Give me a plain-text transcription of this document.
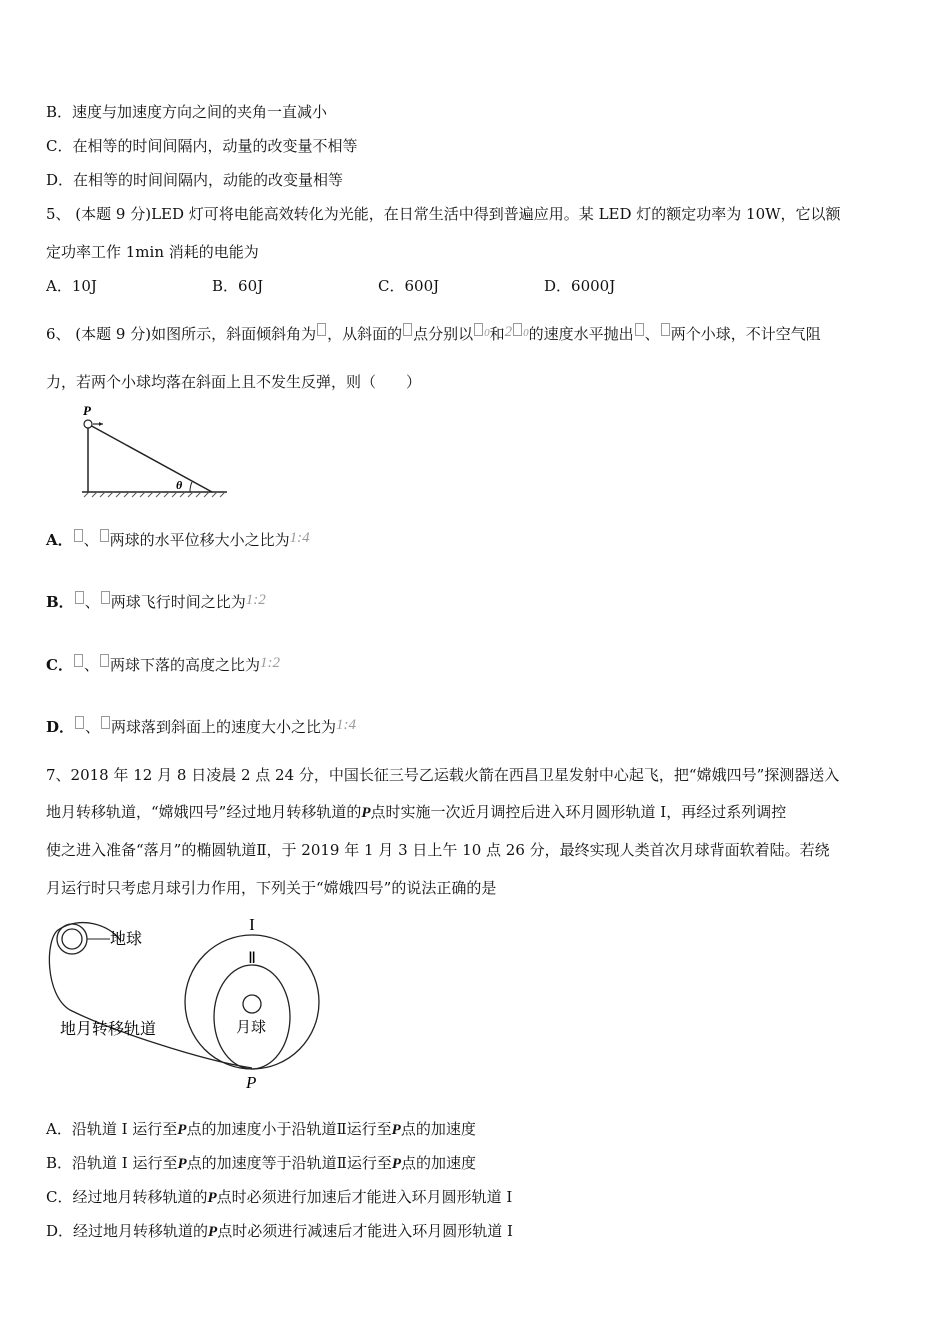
B．速度与加速度方向之间的夹角一直减小
C．在相等的时间间隔内，动量的改变量不相等
D．在相等的时间间隔内，动能的改变量相等
5、 (本题 9 分)LED 灯可将电能高效转化为光能，在日常生活中得到普遍应用。某 LED 灯的额定功率为 10W，它以额
定功率工作 1min 消耗的电能为
A．10J	B．60J	C．600J	D．6000J
6、 (本题 9 分)如图所示，斜面倾斜角为 ，从斜面的 点分别以 $^0$和2 $^0$的速度水平抛出 、 两个小球，不计空气阻
力，若两个小球均落在斜面上且不发生反弹，则（　　）
P
θ
A． 、 两球的水平位移大小之比为1:4
B． 、 两球飞行时间之比为1:2
C． 、 两球下落的高度之比为1:2
D． 、 两球落到斜面上的速度大小之比为1:4
7、2018 年 12 月 8 日凌晨 2 点 24 分，中国长征三号乙运载火箭在西昌卫星发射中心起飞，把“嫦娥四号”探测器送入
地月转移轨道，“嫦娥四号”经过地月转移轨道的P点时实施一次近月调控后进入环月圆形轨道 I，再经过系列调控
使之进入准备“落月”的椭圆轨道Ⅱ，于 2019 年 1 月 3 日上午 10 点 26 分，最终实现人类首次月球背面软着陆。若绕
月运行时只考虑月球引力作用，下列关于“嫦娥四号”的说法正确的是
地球
月球
I
Ⅱ
地月转移轨道
P
A．沿轨道 I 运行至P点的加速度小于沿轨道Ⅱ运行至P点的加速度
B．沿轨道 I 运行至P点的加速度等于沿轨道Ⅱ运行至P点的加速度
C．经过地月转移轨道的P点时必须进行加速后才能进入环月圆形轨道 I
D．经过地月转移轨道的P点时必须进行减速后才能进入环月圆形轨道 I
